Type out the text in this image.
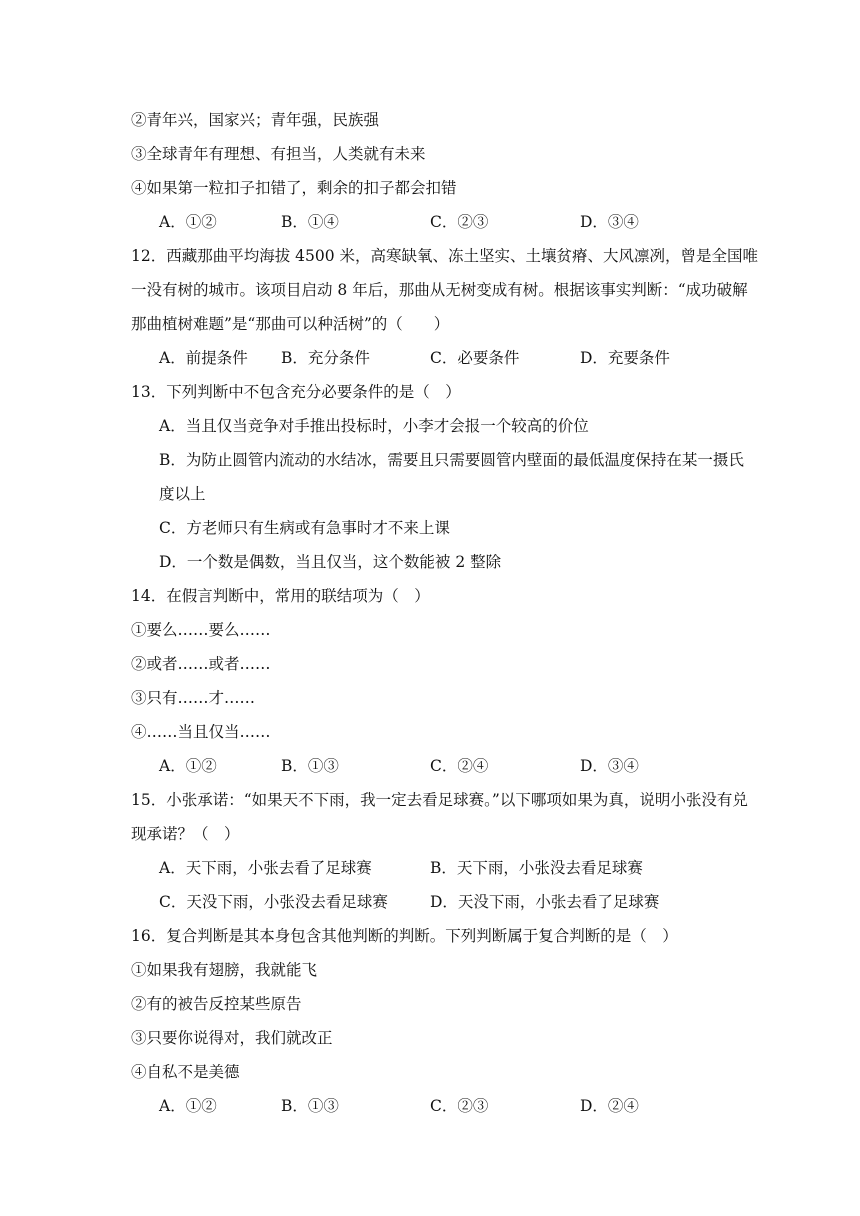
②青年兴，国家兴；青年强，民族强
③全球青年有理想、有担当，人类就有未来
④如果第一粒扣子扣错了，剩余的扣子都会扣错
A．①②	B．①④	C．②③	D．③④
12．西藏那曲平均海拔 4500 米，高寒缺氧、冻土坚实、土壤贫瘠、大风凛冽，曾是全国唯
一没有树的城市。该项目启动 8 年后，那曲从无树变成有树。根据该事实判断：“成功破解
那曲植树难题”是“那曲可以种活树”的（　　）
A．前提条件 B．充分条件	C．必要条件	D．充要条件
13．下列判断中不包含充分必要条件的是（　）
A．当且仅当竞争对手推出投标时，小李才会报一个较高的价位
B．为防止圆管内流动的水结冰，需要且只需要圆管内壁面的最低温度保持在某一摄氏
度以上
C．方老师只有生病或有急事时才不来上课
D．一个数是偶数，当且仅当，这个数能被 2 整除
14．在假言判断中，常用的联结项为（　）
①要么……要么……
②或者……或者……
③只有……才……
④……当且仅当……
A．①②	B．①③	C．②④	D．③④
15．小张承诺：“如果天不下雨，我一定去看足球赛。”以下哪项如果为真，说明小张没有兑
现承诺？（　）
A．天下雨，小张去看了足球赛	B．天下雨，小张没去看足球赛
C．天没下雨，小张没去看足球赛	D．天没下雨，小张去看了足球赛
16．复合判断是其本身包含其他判断的判断。下列判断属于复合判断的是（　）
①如果我有翅膀，我就能飞
②有的被告反控某些原告
③只要你说得对，我们就改正
④自私不是美德
A．①②	B．①③	C．②③	D．②④
